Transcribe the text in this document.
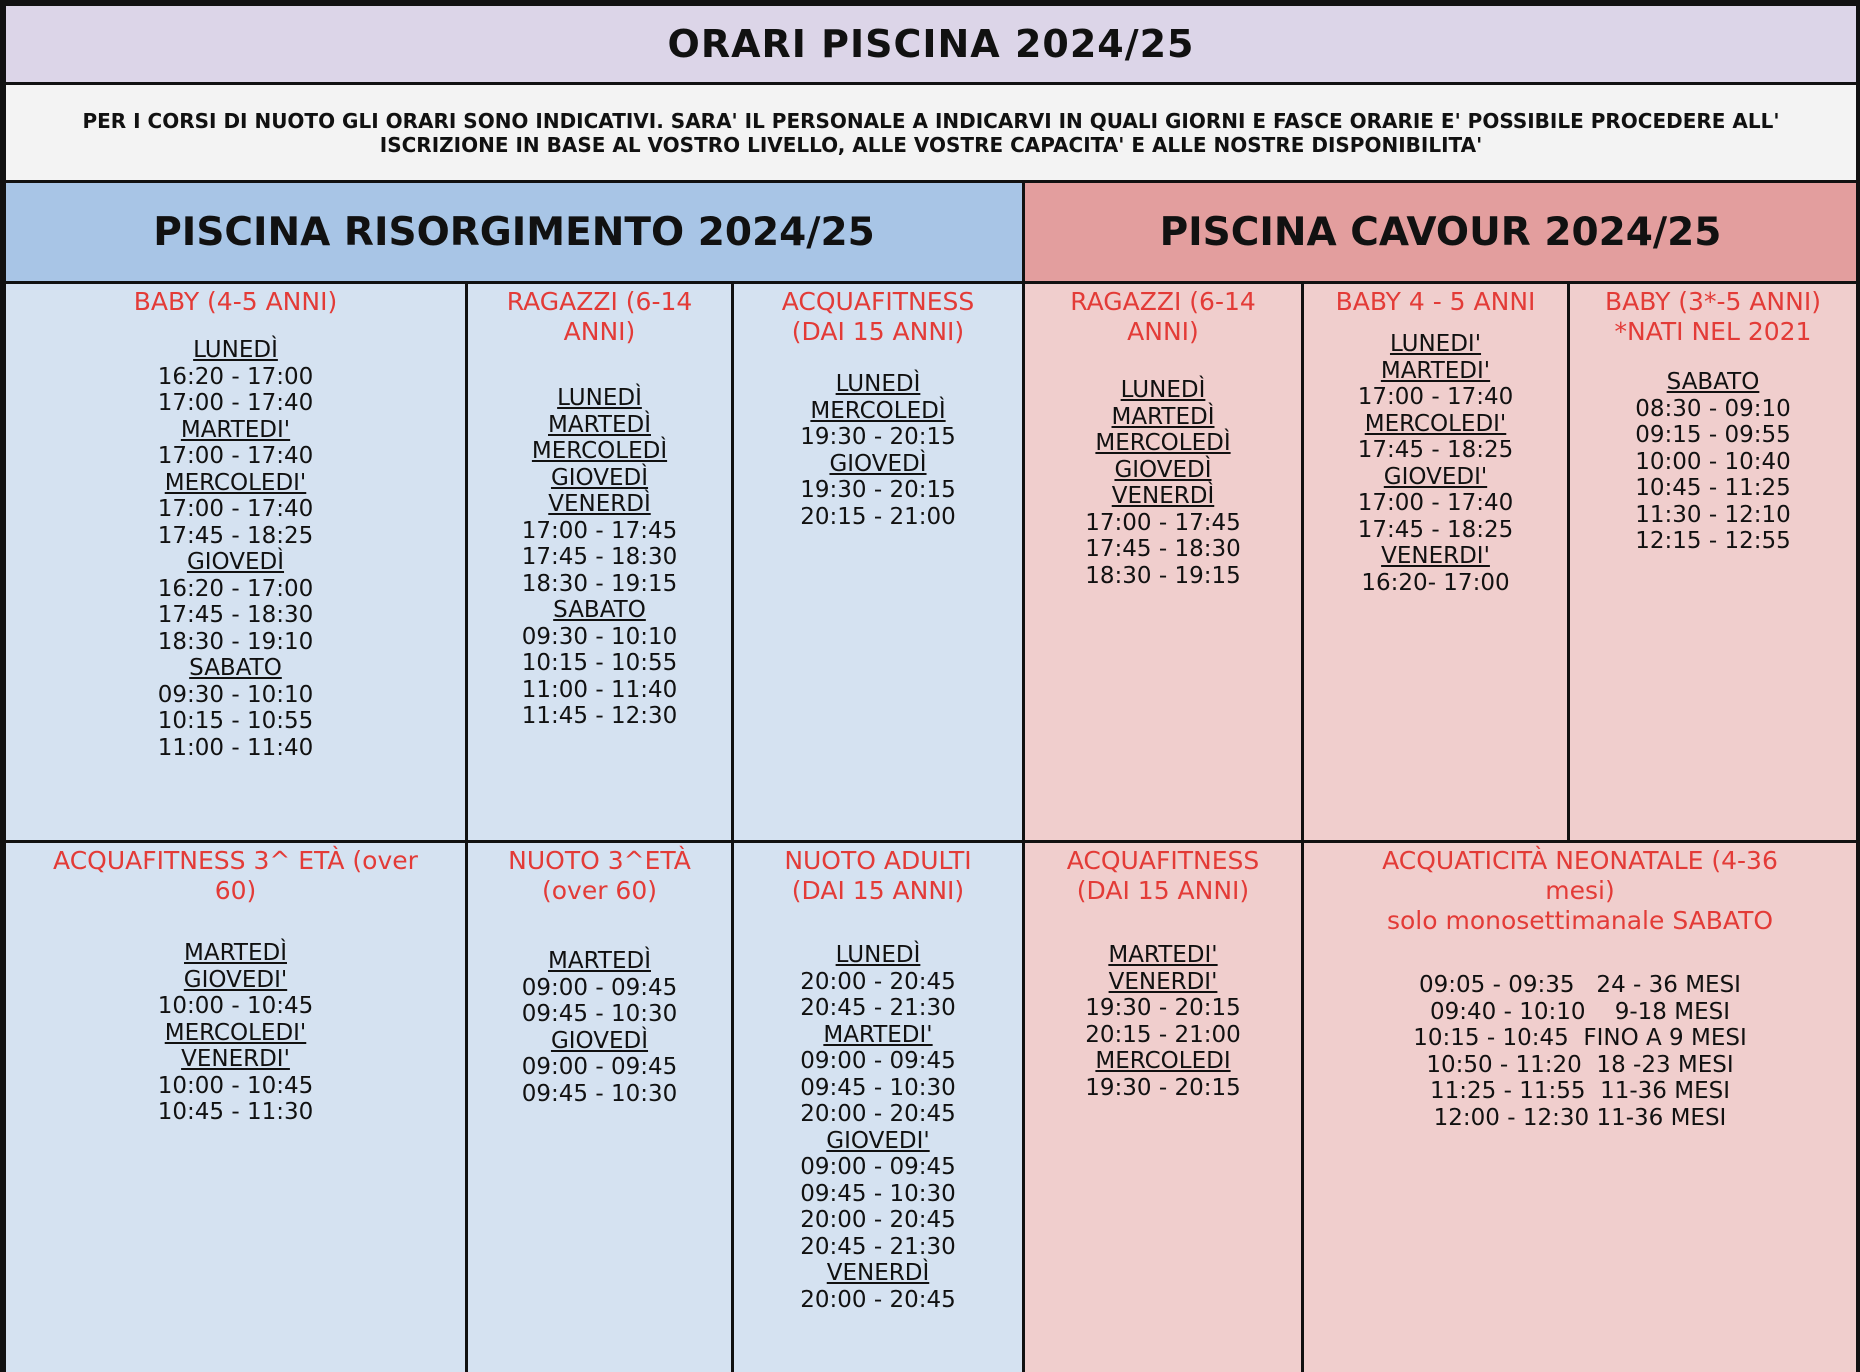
ORARI PISCINA 2024/25
PER I CORSI DI NUOTO GLI ORARI SONO INDICATIVI. SARA' IL PERSONALE A INDICARVI IN QUALI GIORNI E FASCE ORARIE E' POSSIBILE PROCEDERE ALL' ISCRIZIONE IN BASE AL VOSTRO LIVELLO, ALLE VOSTRE CAPACITA' E ALLE NOSTRE DISPONIBILITA'
PISCINA RISORGIMENTO 2024/25	PISCINA CAVOUR 2024/25
BABY (4-5 ANNI)
LUNEDÌ
16:20 - 17:00
17:00 - 17:40
MARTEDI'
17:00 - 17:40
MERCOLEDI'
17:00 - 17:40
17:45 - 18:25
GIOVEDÌ
16:20 - 17:00
17:45 - 18:30
18:30 - 19:10
SABATO
09:30 - 10:10
10:15 - 10:55
11:00 - 11:40
RAGAZZI (6-14
ANNI)
LUNEDÌ
MARTEDÌ
MERCOLEDÌ
GIOVEDÌ
VENERDÌ
17:00 - 17:45
17:45 - 18:30
18:30 - 19:15
SABATO
09:30 - 10:10
10:15 - 10:55
11:00 - 11:40
11:45 - 12:30
ACQUAFITNESS
(DAI 15 ANNI)
LUNEDÌ
MERCOLEDÌ
19:30 - 20:15
GIOVEDÌ
19:30 - 20:15
20:15 - 21:00
RAGAZZI (6-14
ANNI)
LUNEDÌ
MARTEDÌ
MERCOLEDÌ
GIOVEDÌ
VENERDÌ
17:00 - 17:45
17:45 - 18:30
18:30 - 19:15
BABY 4 - 5 ANNI
LUNEDI'
MARTEDI'
17:00 - 17:40
MERCOLEDI'
17:45 - 18:25
GIOVEDI'
17:00 - 17:40
17:45 - 18:25
VENERDI'
16:20- 17:00
BABY (3*-5 ANNI)
*NATI NEL 2021
SABATO
08:30 - 09:10
09:15 - 09:55
10:00 - 10:40
10:45 - 11:25
11:30 - 12:10
12:15 - 12:55
ACQUAFITNESS 3^ ETÀ (over
60)
MARTEDÌ
GIOVEDI'
10:00 - 10:45
MERCOLEDI'
VENERDI'
10:00 - 10:45
10:45 - 11:30
NUOTO 3^ETÀ
(over 60)
MARTEDÌ
09:00 - 09:45
09:45 - 10:30
GIOVEDÌ
09:00 - 09:45
09:45 - 10:30
NUOTO ADULTI
(DAI 15 ANNI)
LUNEDÌ
20:00 - 20:45
20:45 - 21:30
MARTEDI'
09:00 - 09:45
09:45 - 10:30
20:00 - 20:45
GIOVEDI'
09:00 - 09:45
09:45 - 10:30
20:00 - 20:45
20:45 - 21:30
VENERDÌ
20:00 - 20:45
ACQUAFITNESS
(DAI 15 ANNI)
MARTEDI'
VENERDI'
19:30 - 20:15
20:15 - 21:00
MERCOLEDI
19:30 - 20:15
ACQUATICITÀ NEONATALE (4-36
mesi)
solo monosettimanale SABATO
09:05 - 09:35   24 - 36 MESI
09:40 - 10:10    9-18 MESI
10:15 - 10:45  FINO A 9 MESI
10:50 - 11:20  18 -23 MESI
11:25 - 11:55  11-36 MESI
12:00 - 12:30 11-36 MESI
